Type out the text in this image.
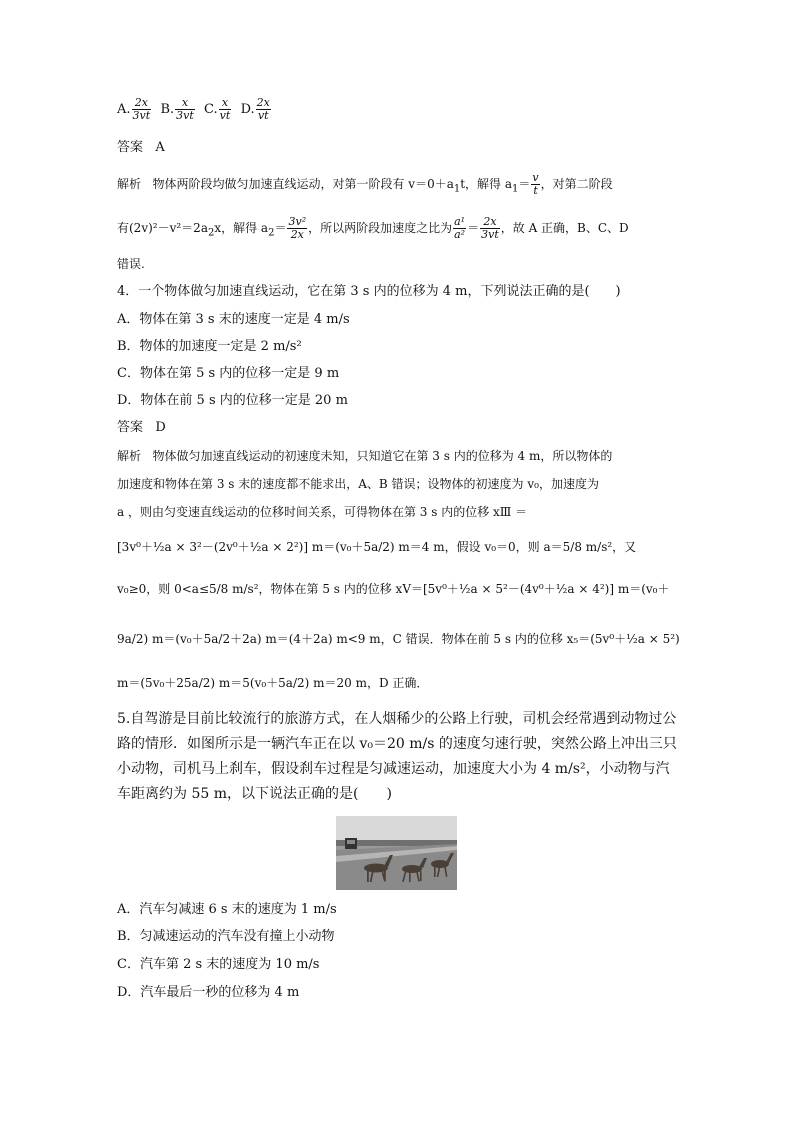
A. $\frac{2x}{3vt} B$. $\frac{x}{3vt} C$. $\frac{x}{vt} D$. $\frac{2x}{vt}$
答案 A
解析 物体两阶段均做匀加速直线运动，对第一阶段有 $v=0+a_1t$，解得 $a_1= \frac{v}{t}$ ，对第二阶段
有$(2v)^2-v^2=2a_2x$，解得 $a_2= \frac{\text{3v²}}{2x}$ ，所以两阶段加速度之比为 $\frac{\text{a¹}}{\text{a²}} = \frac{2x}{3vt}$ ，故 A 正确，B、C、D
错误.
4．一个物体做匀加速直线运动，它在第 3 s 内的位移为 4 m，下列说法正确的是(　　)
A．物体在第 3 s 末的速度一定是 4 m/s
B．物体的加速度一定是 2 m/s²
C．物体在第 5 s 内的位移一定是 9 m
D．物体在前 5 s 内的位移一定是 20 m
答案 D
解析 物体做匀加速直线运动的初速度未知，只知道它在第 3 s 内的位移为 4 m，所以物体的
加速度和物体在第 3 s 末的速度都不能求出，A、B 错误；设物体的初速度为 v₀，加速度为
a ，则由匀变速直线运动的位移时间关系，可得物体在第 3 s 内的位移 xⅢ ＝
[3v⁰＋½a × 3²－(2v⁰＋½a × 2²)] m＝(v₀＋5a/2) m＝4 m，假设 v₀＝0，则 a＝5/8 m/s²，又
v₀≥0，则 0<a≤5/8 m/s²，物体在第 5 s 内的位移 xⅤ＝[5v⁰＋½a × 5²－(4v⁰＋½a × 4²)] m＝(v₀＋
9a/2) m＝(v₀＋5a/2＋2a) m＝(4＋2a) m<9 m，C 错误．物体在前 5 s 内的位移 x₅＝(5v⁰＋½a × 5²)
m＝(5v₀＋25a/2) m＝5(v₀＋5a/2) m＝20 m，D 正确．
5.自驾游是目前比较流行的旅游方式，在人烟稀少的公路上行驶，司机会经常遇到动物过公路的情形．如图所示是一辆汽车正在以 v₀＝20 m/s 的速度匀速行驶，突然公路上冲出三只小动物，司机马上刹车，假设刹车过程是匀减速运动，加速度大小为 4 m/s²，小动物与汽车距离约为 55 m，以下说法正确的是(　　)
A．汽车匀减速 6 s 末的速度为 1 m/s
B．匀减速运动的汽车没有撞上小动物
C．汽车第 2 s 末的速度为 10 m/s
D．汽车最后一秒的位移为 4 m
